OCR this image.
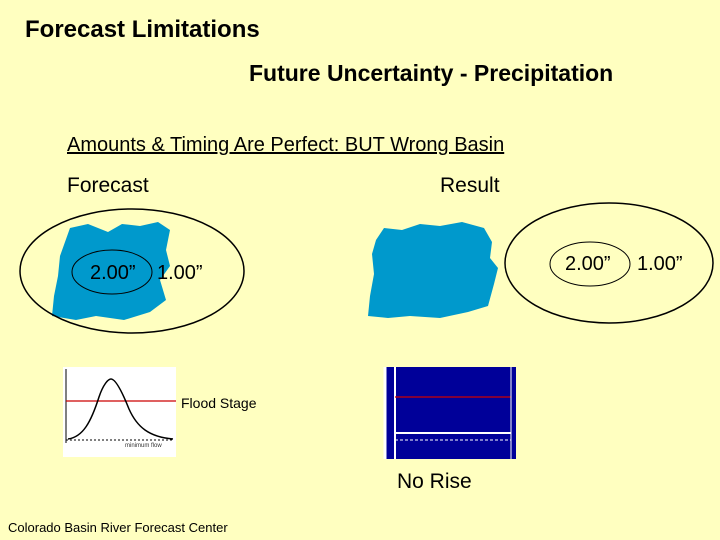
Forecast Limitations
Future Uncertainty - Precipitation
Amounts & Timing Are Perfect: BUT Wrong Basin
Forecast	Result
2.00” 1.00”	2.00” 1.00”
minimum flow
Flood Stage
No Rise
Colorado Basin River Forecast Center
